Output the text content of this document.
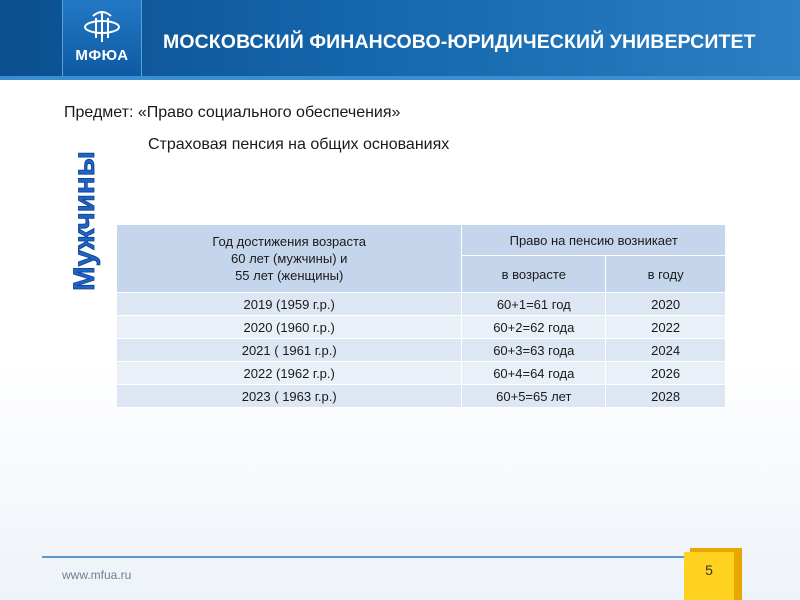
МФЮА
МОСКОВСКИЙ ФИНАНСОВО-ЮРИДИЧЕСКИЙ УНИВЕРСИТЕТ
Предмет: «Право социального обеспечения»
Страховая пенсия на общих основаниях
Мужчины	Год достижения возраста
60 лет (мужчины) и
55 лет (женщины)	Право на пенсию возникает	
	в возрасте	в году
2019 (1959 г.р.)	60+1=61 год	2020
2020 (1960 г.р.)	60+2=62 года	2022
2021 ( 1961 г.р.)	60+3=63 года	2024
2022 (1962 г.р.)	60+4=64 года	2026
2023 ( 1963 г.р.)	60+5=65 лет	2028
www.mfua.ru	5
